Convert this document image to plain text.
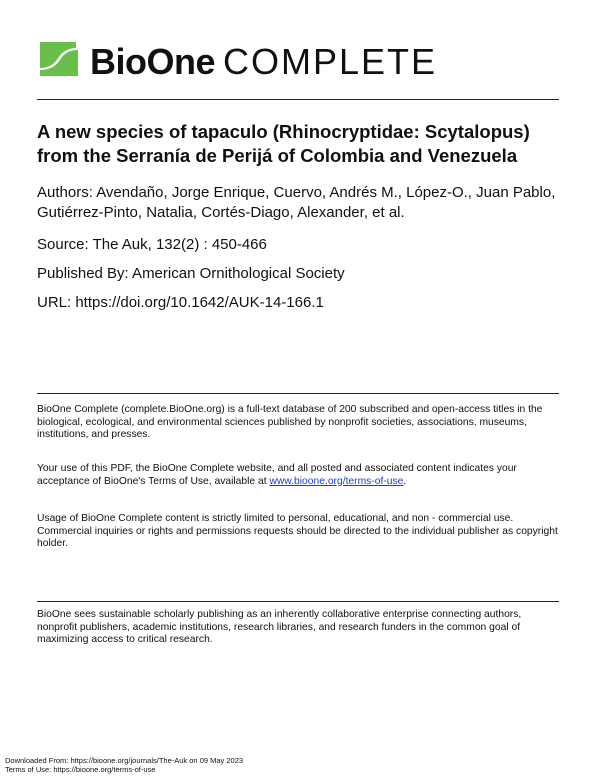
BioOne COMPLETE
A new species of tapaculo (Rhinocryptidae: Scytalopus) from the Serranía de Perijá of Colombia and Venezuela

Authors: Avendaño, Jorge Enrique, Cuervo, Andrés M., López-O., Juan Pablo, Gutiérrez-Pinto, Natalia, Cortés-Diago, Alexander, et al.

Source: The Auk, 132(2) : 450-466

Published By: American Ornithological Society

URL: https://doi.org/10.1642/AUK-14-166.1

BioOne Complete (complete.BioOne.org) is a full-text database of 200 subscribed and open-access titles in the biological, ecological, and environmental sciences published by nonprofit societies, associations, museums, institutions, and presses.

Your use of this PDF, the BioOne Complete website, and all posted and associated content indicates your acceptance of BioOne's Terms of Use, available at www.bioone.org/terms-of-use.

Usage of BioOne Complete content is strictly limited to personal, educational, and non - commercial use. Commercial inquiries or rights and permissions requests should be directed to the individual publisher as copyright holder.

BioOne sees sustainable scholarly publishing as an inherently collaborative enterprise connecting authors, nonprofit publishers, academic institutions, research libraries, and research funders in the common goal of maximizing access to critical research.

Downloaded From: https://bioone.org/journals/The-Auk on 09 May 2023

Terms of Use: https://bioone.org/terms-of-use
